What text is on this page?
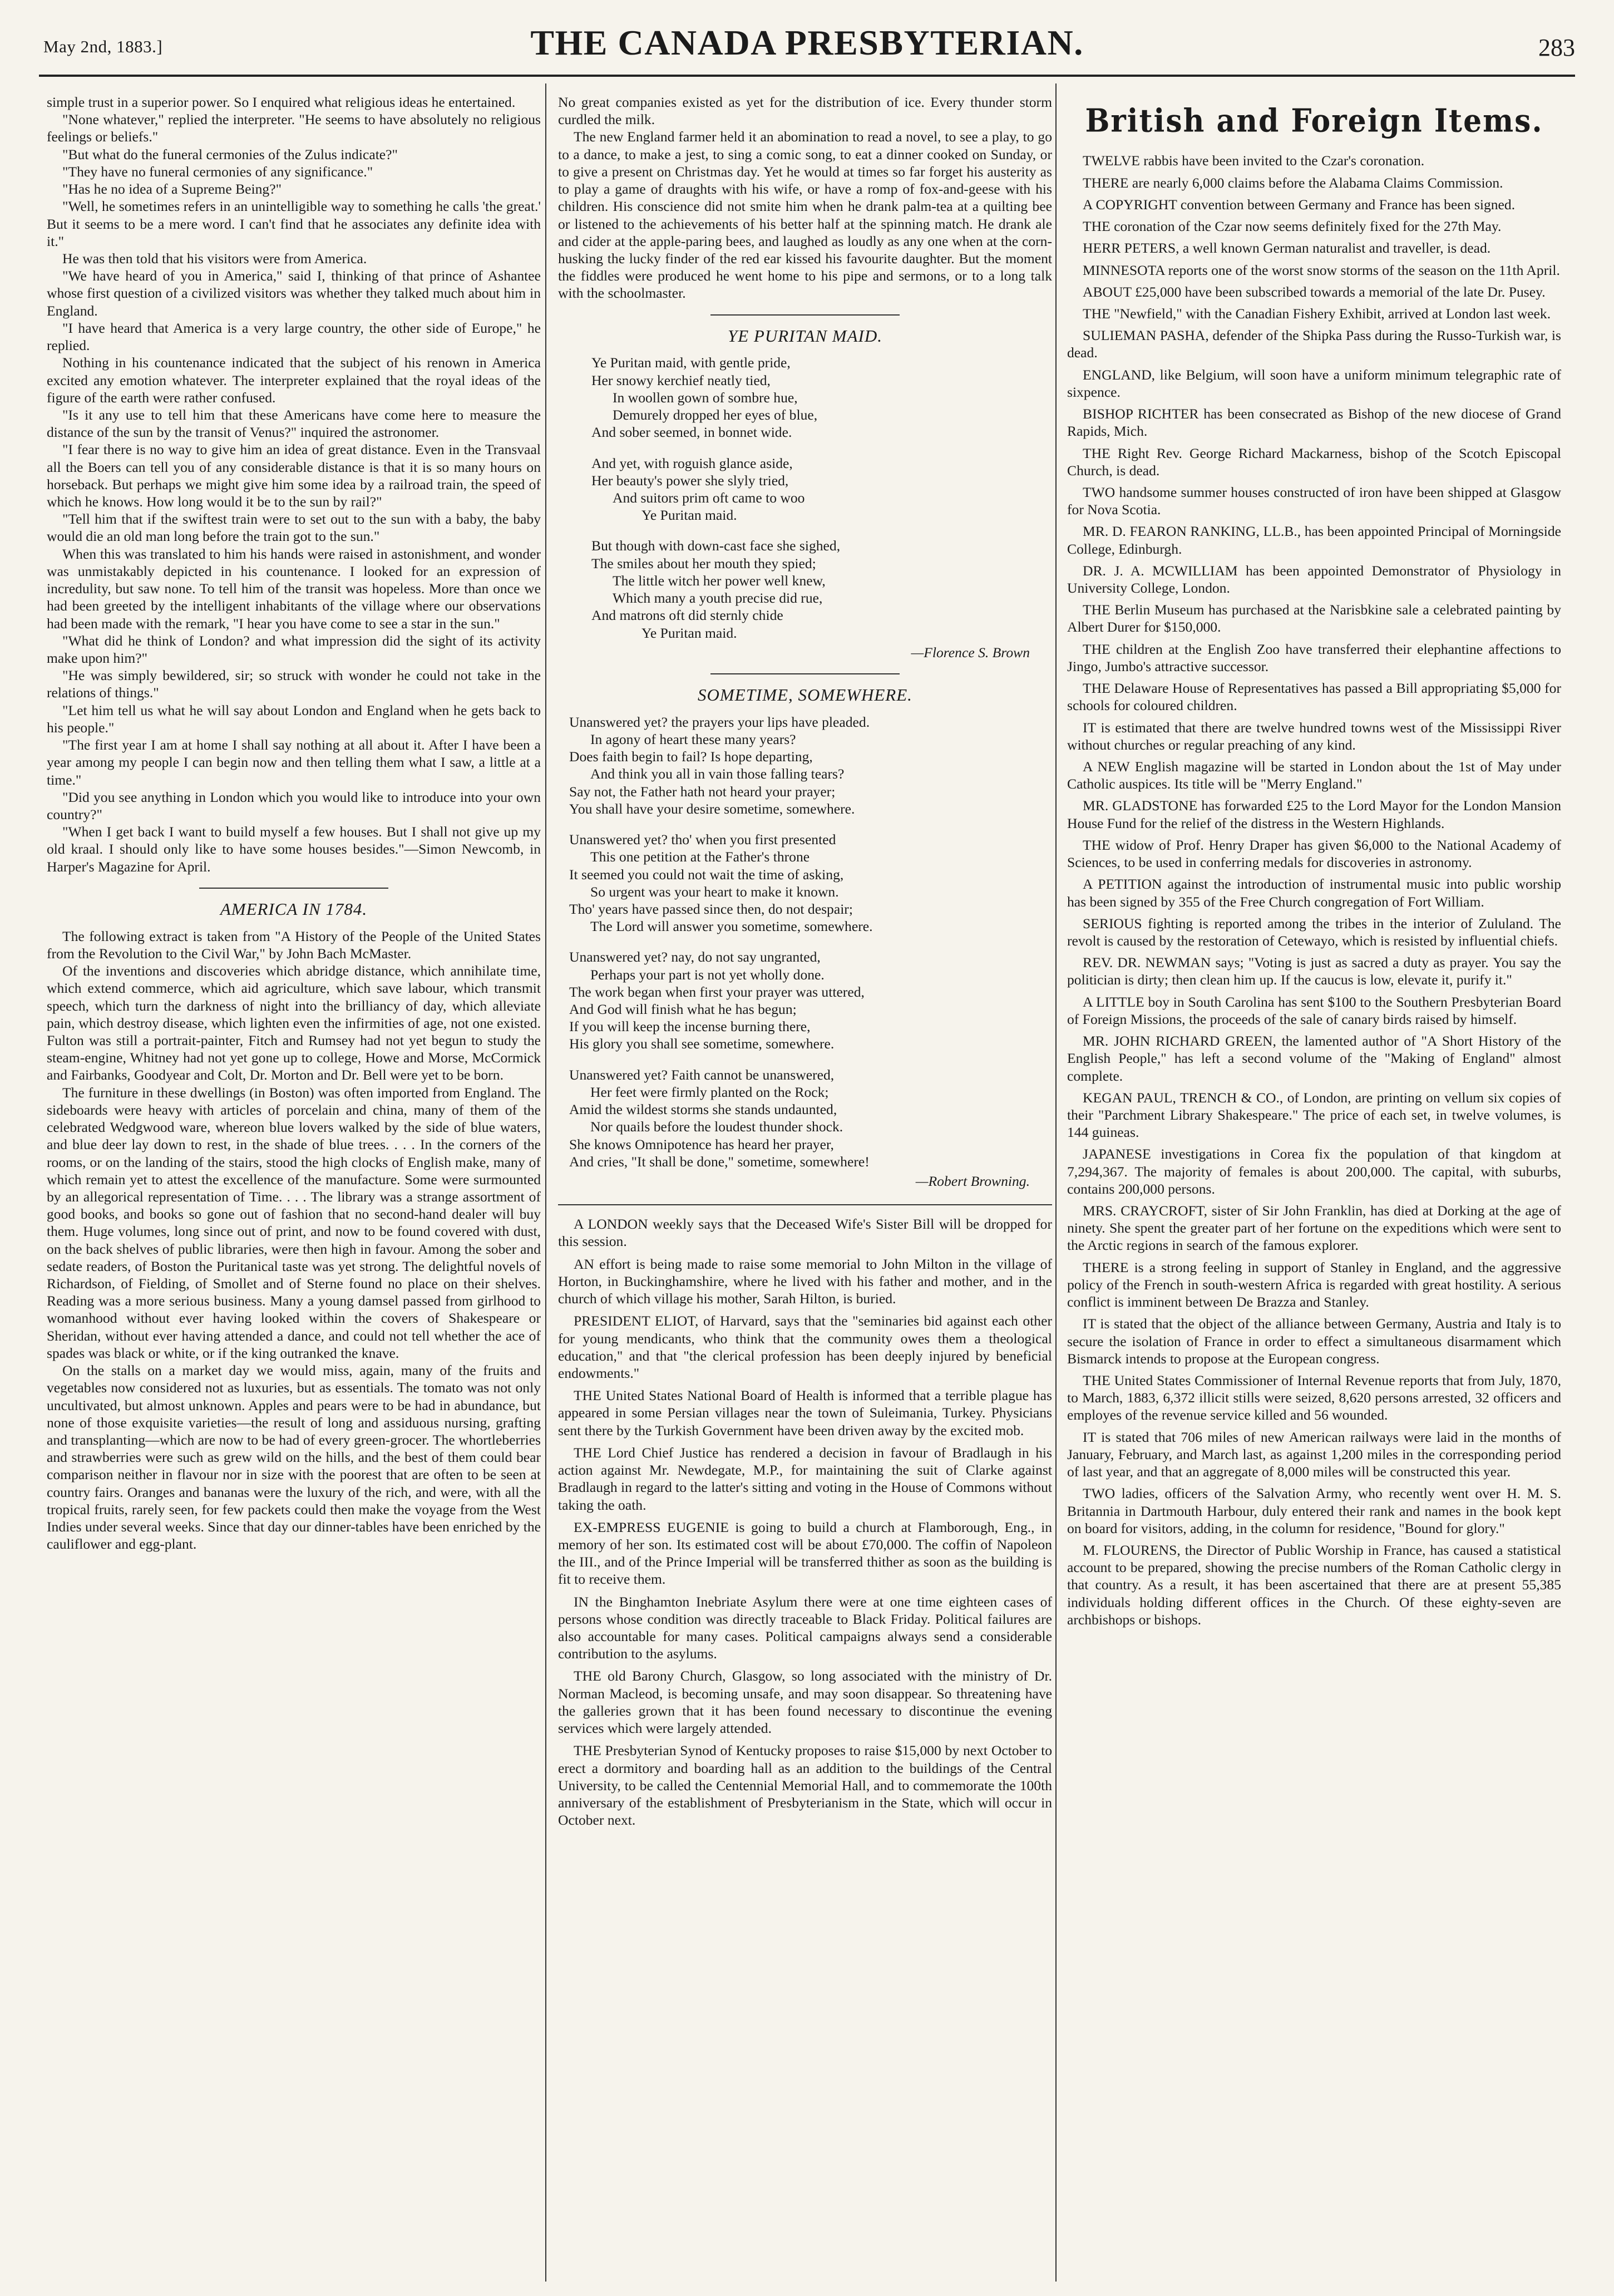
May 2nd, 1883.]	THE CANADA PRESBYTERIAN.	283

simple trust in a superior power. So I enquired what religious ideas he entertained.

"None whatever," replied the interpreter. "He seems to have absolutely no religious feelings or beliefs."

"But what do the funeral cermonies of the Zulus indicate?"

"They have no funeral cermonies of any significance."

"Has he no idea of a Supreme Being?"

"Well, he sometimes refers in an unintelligible way to something he calls 'the great.' But it seems to be a mere word. I can't find that he associates any definite idea with it."

He was then told that his visitors were from America.

"We have heard of you in America," said I, thinking of that prince of Ashantee whose first question of a civilized visitors was whether they talked much about him in England.

"I have heard that America is a very large country, the other side of Europe," he replied.

Nothing in his countenance indicated that the subject of his renown in America excited any emotion whatever. The interpreter explained that the royal ideas of the figure of the earth were rather confused.

"Is it any use to tell him that these Americans have come here to measure the distance of the sun by the transit of Venus?" inquired the astronomer.

"I fear there is no way to give him an idea of great distance. Even in the Transvaal all the Boers can tell you of any considerable distance is that it is so many hours on horseback. But perhaps we might give him some idea by a railroad train, the speed of which he knows. How long would it be to the sun by rail?"

"Tell him that if the swiftest train were to set out to the sun with a baby, the baby would die an old man long before the train got to the sun."

When this was translated to him his hands were raised in astonishment, and wonder was unmistakably depicted in his countenance. I looked for an expression of incredulity, but saw none. To tell him of the transit was hopeless. More than once we had been greeted by the intelligent inhabitants of the village where our observations had been made with the remark, "I hear you have come to see a star in the sun."

"What did he think of London? and what impression did the sight of its activity make upon him?"

"He was simply bewildered, sir; so struck with wonder he could not take in the relations of things."

"Let him tell us what he will say about London and England when he gets back to his people."

"The first year I am at home I shall say nothing at all about it. After I have been a year among my people I can begin now and then telling them what I saw, a little at a time."

"Did you see anything in London which you would like to introduce into your own country?"

"When I get back I want to build myself a few houses. But I shall not give up my old kraal. I should only like to have some houses besides."—Simon Newcomb, in Harper's Magazine for April.

AMERICA IN 1784.

The following extract is taken from "A History of the People of the United States from the Revolution to the Civil War," by John Bach McMaster.

Of the inventions and discoveries which abridge distance, which annihilate time, which extend commerce, which aid agriculture, which save labour, which transmit speech, which turn the darkness of night into the brilliancy of day, which alleviate pain, which destroy disease, which lighten even the infirmities of age, not one existed. Fulton was still a portrait-painter, Fitch and Rumsey had not yet begun to study the steam-engine, Whitney had not yet gone up to college, Howe and Morse, McCormick and Fairbanks, Goodyear and Colt, Dr. Morton and Dr. Bell were yet to be born.

The furniture in these dwellings (in Boston) was often imported from England. The sideboards were heavy with articles of porcelain and china, many of them of the celebrated Wedgwood ware, whereon blue lovers walked by the side of blue waters, and blue deer lay down to rest, in the shade of blue trees. . . . In the corners of the rooms, or on the landing of the stairs, stood the high clocks of English make, many of which remain yet to attest the excellence of the manufacture. Some were surmounted by an allegorical representation of Time. . . . The library was a strange assortment of good books, and books so gone out of fashion that no second-hand dealer will buy them. Huge volumes, long since out of print, and now to be found covered with dust, on the back shelves of public libraries, were then high in favour. Among the sober and sedate readers, of Boston the Puritanical taste was yet strong. The delightful novels of Richardson, of Fielding, of Smollet and of Sterne found no place on their shelves. Reading was a more serious business. Many a young damsel passed from girlhood to womanhood without ever having looked within the covers of Shakespeare or Sheridan, without ever having attended a dance, and could not tell whether the ace of spades was black or white, or if the king outranked the knave.

On the stalls on a market day we would miss, again, many of the fruits and vegetables now considered not as luxuries, but as essentials. The tomato was not only uncultivated, but almost unknown. Apples and pears were to be had in abundance, but none of those exquisite varieties—the result of long and assiduous nursing, grafting and transplanting—which are now to be had of every green-grocer. The whortleberries and strawberries were such as grew wild on the hills, and the best of them could bear comparison neither in flavour nor in size with the poorest that are often to be seen at country fairs. Oranges and bananas were the luxury of the rich, and were, with all the tropical fruits, rarely seen, for few packets could then make the voyage from the West Indies under several weeks. Since that day our dinner-tables have been enriched by the cauliflower and egg-plant.

No great companies existed as yet for the distribution of ice. Every thunder storm curdled the milk.

The new England farmer held it an abomination to read a novel, to see a play, to go to a dance, to make a jest, to sing a comic song, to eat a dinner cooked on Sunday, or to give a present on Christmas day. Yet he would at times so far forget his austerity as to play a game of draughts with his wife, or have a romp of fox-and-geese with his children. His conscience did not smite him when he drank palm-tea at a quilting bee or listened to the achievements of his better half at the spinning match. He drank ale and cider at the apple-paring bees, and laughed as loudly as any one when at the corn-husking the lucky finder of the red ear kissed his favourite daughter. But the moment the fiddles were produced he went home to his pipe and sermons, or to a long talk with the schoolmaster.

YE PURITAN MAID.
Ye Puritan maid, with gentle pride,
Her snowy kerchief neatly tied,
In woollen gown of sombre hue,
Demurely dropped her eyes of blue,
And sober seemed, in bonnet wide.
And yet, with roguish glance aside,
Her beauty's power she slyly tried,
And suitors prim oft came to woo
Ye Puritan maid.
But though with down-cast face she sighed,
The smiles about her mouth they spied;
The little witch her power well knew,
Which many a youth precise did rue,
And matrons oft did sternly chide
Ye Puritan maid.
—Florence S. Brown
SOMETIME, SOMEWHERE.
Unanswered yet? the prayers your lips have pleaded.
In agony of heart these many years?
Does faith begin to fail? Is hope departing,
And think you all in vain those falling tears?
Say not, the Father hath not heard your prayer;
You shall have your desire sometime, somewhere.
Unanswered yet? tho' when you first presented
This one petition at the Father's throne
It seemed you could not wait the time of asking,
So urgent was your heart to make it known.
Tho' years have passed since then, do not despair;
The Lord will answer you sometime, somewhere.
Unanswered yet? nay, do not say ungranted,
Perhaps your part is not yet wholly done.
The work began when first your prayer was uttered,
And God will finish what he has begun;
If you will keep the incense burning there,
His glory you shall see sometime, somewhere.
Unanswered yet? Faith cannot be unanswered,
Her feet were firmly planted on the Rock;
Amid the wildest storms she stands undaunted,
Nor quails before the loudest thunder shock.
She knows Omnipotence has heard her prayer,
And cries, "It shall be done," sometime, somewhere!
—Robert Browning.

A LONDON weekly says that the Deceased Wife's Sister Bill will be dropped for this session.

AN effort is being made to raise some memorial to John Milton in the village of Horton, in Buckinghamshire, where he lived with his father and mother, and in the church of which village his mother, Sarah Hilton, is buried.

PRESIDENT ELIOT, of Harvard, says that the "seminaries bid against each other for young mendicants, who think that the community owes them a theological education," and that "the clerical profession has been deeply injured by beneficial endowments."

THE United States National Board of Health is informed that a terrible plague has appeared in some Persian villages near the town of Suleimania, Turkey. Physicians sent there by the Turkish Government have been driven away by the excited mob.

THE Lord Chief Justice has rendered a decision in favour of Bradlaugh in his action against Mr. Newdegate, M.P., for maintaining the suit of Clarke against Bradlaugh in regard to the latter's sitting and voting in the House of Commons without taking the oath.

EX-EMPRESS EUGENIE is going to build a church at Flamborough, Eng., in memory of her son. Its estimated cost will be about £70,000. The coffin of Napoleon the III., and of the Prince Imperial will be transferred thither as soon as the building is fit to receive them.

IN the Binghamton Inebriate Asylum there were at one time eighteen cases of persons whose condition was directly traceable to Black Friday. Political failures are also accountable for many cases. Political campaigns always send a considerable contribution to the asylums.

THE old Barony Church, Glasgow, so long associated with the ministry of Dr. Norman Macleod, is becoming unsafe, and may soon disappear. So threatening have the galleries grown that it has been found necessary to discontinue the evening services which were largely attended.

THE Presbyterian Synod of Kentucky proposes to raise $15,000 by next October to erect a dormitory and boarding hall as an addition to the buildings of the Central University, to be called the Centennial Memorial Hall, and to commemorate the 100th anniversary of the establishment of Presbyterianism in the State, which will occur in October next.

British and Foreign Items.

TWELVE rabbis have been invited to the Czar's coronation.

THERE are nearly 6,000 claims before the Alabama Claims Commission.

A COPYRIGHT convention between Germany and France has been signed.

THE coronation of the Czar now seems definitely fixed for the 27th May.

HERR PETERS, a well known German naturalist and traveller, is dead.

MINNESOTA reports one of the worst snow storms of the season on the 11th April.

ABOUT £25,000 have been subscribed towards a memorial of the late Dr. Pusey.

THE "Newfield," with the Canadian Fishery Exhibit, arrived at London last week.

SULIEMAN PASHA, defender of the Shipka Pass during the Russo-Turkish war, is dead.

ENGLAND, like Belgium, will soon have a uniform minimum telegraphic rate of sixpence.

BISHOP RICHTER has been consecrated as Bishop of the new diocese of Grand Rapids, Mich.

THE Right Rev. George Richard Mackarness, bishop of the Scotch Episcopal Church, is dead.

TWO handsome summer houses constructed of iron have been shipped at Glasgow for Nova Scotia.

MR. D. FEARON RANKING, LL.B., has been appointed Principal of Morningside College, Edinburgh.

DR. J. A. MCWILLIAM has been appointed Demonstrator of Physiology in University College, London.

THE Berlin Museum has purchased at the Narisbkine sale a celebrated painting by Albert Durer for $150,000.

THE children at the English Zoo have transferred their elephantine affections to Jingo, Jumbo's attractive successor.

THE Delaware House of Representatives has passed a Bill appropriating $5,000 for schools for coloured children.

IT is estimated that there are twelve hundred towns west of the Mississippi River without churches or regular preaching of any kind.

A NEW English magazine will be started in London about the 1st of May under Catholic auspices. Its title will be "Merry England."

MR. GLADSTONE has forwarded £25 to the Lord Mayor for the London Mansion House Fund for the relief of the distress in the Western Highlands.

THE widow of Prof. Henry Draper has given $6,000 to the National Academy of Sciences, to be used in conferring medals for discoveries in astronomy.

A PETITION against the introduction of instrumental music into public worship has been signed by 355 of the Free Church congregation of Fort William.

SERIOUS fighting is reported among the tribes in the interior of Zululand. The revolt is caused by the restoration of Cetewayo, which is resisted by influential chiefs.

REV. DR. NEWMAN says; "Voting is just as sacred a duty as prayer. You say the politician is dirty; then clean him up. If the caucus is low, elevate it, purify it."

A LITTLE boy in South Carolina has sent $100 to the Southern Presbyterian Board of Foreign Missions, the proceeds of the sale of canary birds raised by himself.

MR. JOHN RICHARD GREEN, the lamented author of "A Short History of the English People," has left a second volume of the "Making of England" almost complete.

KEGAN PAUL, TRENCH & CO., of London, are printing on vellum six copies of their "Parchment Library Shakespeare." The price of each set, in twelve volumes, is 144 guineas.

JAPANESE investigations in Corea fix the population of that kingdom at 7,294,367. The majority of females is about 200,000. The capital, with suburbs, contains 200,000 persons.

MRS. CRAYCROFT, sister of Sir John Franklin, has died at Dorking at the age of ninety. She spent the greater part of her fortune on the expeditions which were sent to the Arctic regions in search of the famous explorer.

THERE is a strong feeling in support of Stanley in England, and the aggressive policy of the French in south-western Africa is regarded with great hostility. A serious conflict is imminent between De Brazza and Stanley.

IT is stated that the object of the alliance between Germany, Austria and Italy is to secure the isolation of France in order to effect a simultaneous disarmament which Bismarck intends to propose at the European congress.

THE United States Commissioner of Internal Revenue reports that from July, 1870, to March, 1883, 6,372 illicit stills were seized, 8,620 persons arrested, 32 officers and employes of the revenue service killed and 56 wounded.

IT is stated that 706 miles of new American railways were laid in the months of January, February, and March last, as against 1,200 miles in the corresponding period of last year, and that an aggregate of 8,000 miles will be constructed this year.

TWO ladies, officers of the Salvation Army, who recently went over H. M. S. Britannia in Dartmouth Harbour, duly entered their rank and names in the book kept on board for visitors, adding, in the column for residence, "Bound for glory."

M. FLOURENS, the Director of Public Worship in France, has caused a statistical account to be prepared, showing the precise numbers of the Roman Catholic clergy in that country. As a result, it has been ascertained that there are at present 55,385 individuals holding different offices in the Church. Of these eighty-seven are archbishops or bishops.
